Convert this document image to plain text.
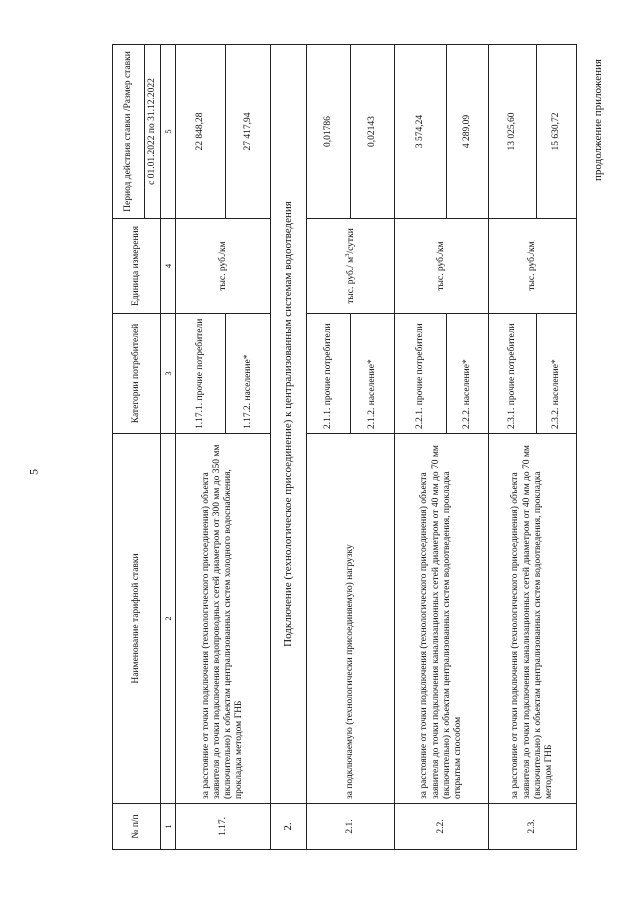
5
продолжение приложения
№ п/п	Наименование тарифной ставки	Категории потребителей	Единица измерения	Период действия ставки /Размер ставки
				с 01.01.2022 по 31.12.2022
1	2	3	4	5
1.17.	за расстояние от точки подключения (технологического присоединения) объекта заявителя до точки подключения водопроводных сетей диаметром от 300 мм до 350 мм (включительно) к объектам централизованных систем холодного водоснабжения, прокладка методом ГНБ	1.17.1. прочие потребители	тыс. руб./км	22 848,28
		1.17.2. население*		27 417,94
2.	Подключение (технологическое присоединение) к централизованным системам водоотведения			
2.1.	за подключаемую (технологически присоединяемую) нагрузку	2.1.1. прочие потребители	тыс. руб./ $м^3$/сутки	0,01786
		2.1.2. население*		0,02143
2.2.	за расстояние от точки подключения (технологического присоединения) объекта заявителя до точки подключения канализационных сетей диаметром от 40 мм до 70 мм (включительно) к объектам централизованных систем водоотведения, прокладка открытым способом	2.2.1. прочие потребители	тыс. руб./км	3 574,24
		2.2.2. население*		4 289,09
2.3.	за расстояние от точки подключения (технологического присоединения) объекта заявителя до точки подключения канализационных сетей диаметром от 40 мм до 70 мм (включительно) к объектам централизованных систем водоотведения, прокладка методом ГНБ	2.3.1. прочие потребители	тыс. руб./км	13 025,60
		2.3.2. население*		15 630,72
